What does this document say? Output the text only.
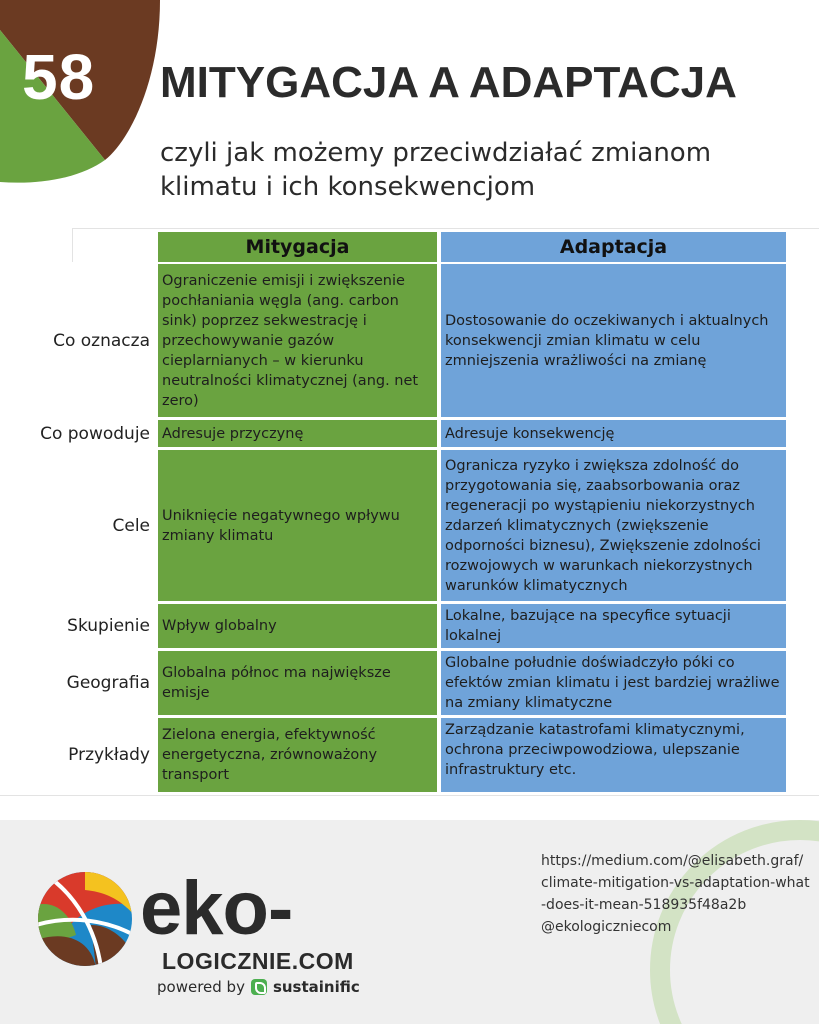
58 MITYGACJA A ADAPTACJA
czyli jak możemy przeciwdziałać zmianom
klimatu i ich konsekwencjom
Mitygacja	Adaptacja
Co oznacza
Ograniczenie emisji i zwiększenie pochłaniania węgla (ang. carbon sink) poprzez sekwestrację i przechowywanie gazów cieplarnianych – w kierunku neutralności klimatycznej (ang. net zero)
Dostosowanie do oczekiwanych i aktualnych konsekwencji zmian klimatu w celu zmniejszenia wrażliwości na zmianę
Co powoduje Adresuje przyczynę	Adresuje konsekwencję
Cele Uniknięcie negatywnego wpływu zmiany klimatu
Ogranicza ryzyko i zwiększa zdolność do przygotowania się, zaabsorbowania oraz regeneracji po wystąpieniu niekorzystnych zdarzeń klimatycznych (zwiększenie odporności biznesu), Zwiększenie zdolności rozwojowych w warunkach niekorzystnych warunków klimatycznych
Skupienie Wpływ globalny
Lokalne, bazujące na specyfice sytuacji lokalnej
Geografia Globalna północ ma największe emisje
Globalne południe doświadczyło póki co efektów zmian klimatu i jest bardziej wrażliwe na zmiany klimatyczne
Przykłady
Zielona energia, efektywność energetyczna, zrównoważony transport
Zarządzanie katastrofami klimatycznymi, ochrona przeciwpowodziowa, ulepszanie infrastruktury etc.
https://medium.com/@elisabeth.graf/
climate-mitigation-vs-adaptation-what
-does-it-mean-518935f48a2b
@ekologiczniecom
eko-
LOGICZNIE.COM
powered by sustainific
